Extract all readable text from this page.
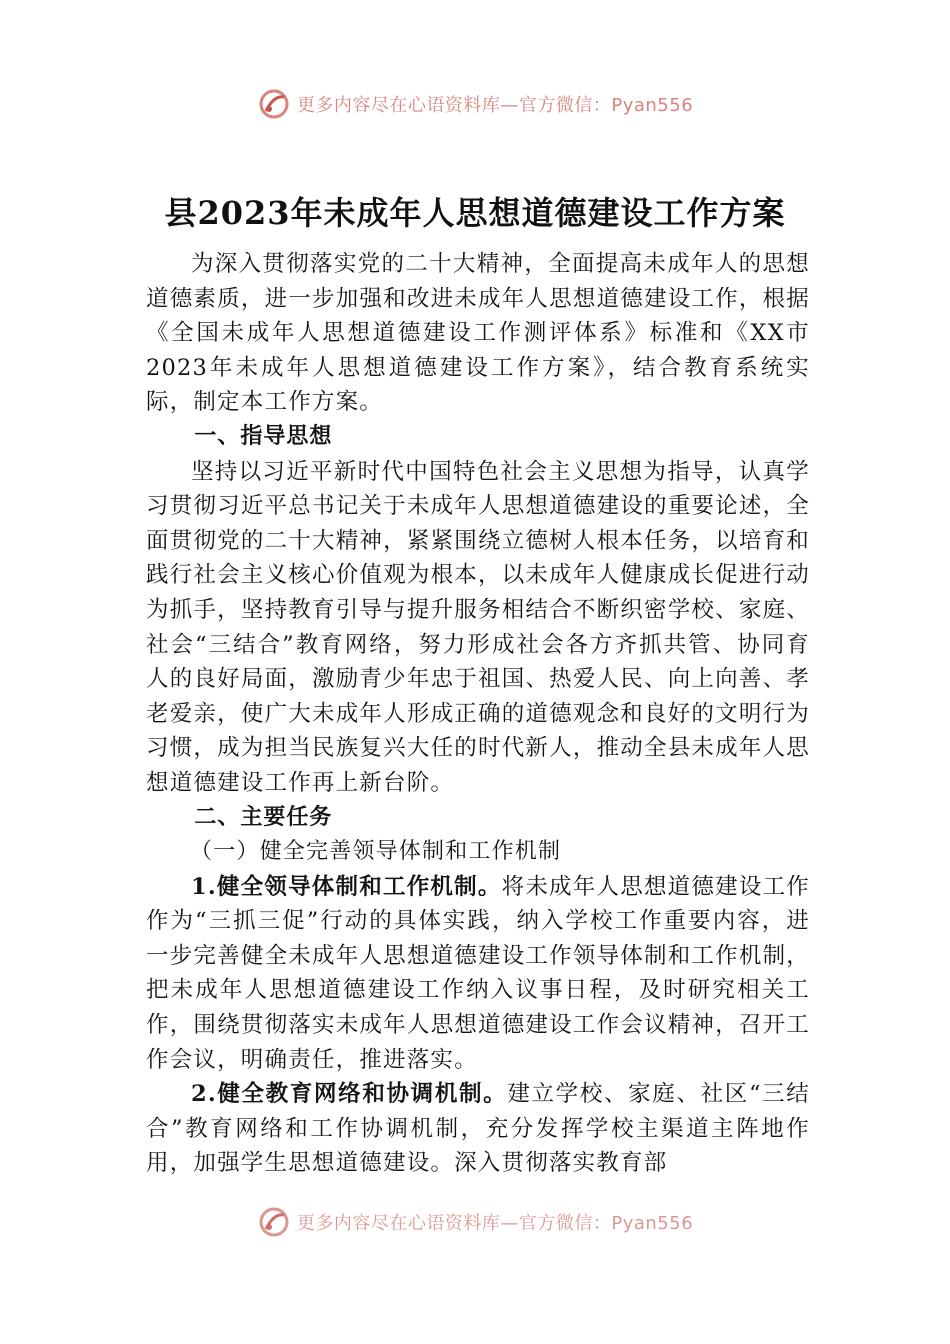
更多内容尽在心语资料库—官方微信：Pyan556
县2023年未成年人思想道德建设工作方案

为深入贯彻落实党的二十大精神，全面提高未成年人的思想道德素质，进一步加强和改进未成年人思想道德建设工作，根据《全国未成年人思想道德建设工作测评体系》标准和《XX市2023年未成年人思想道德建设工作方案》，结合教育系统实际，制定本工作方案。

一、指导思想

坚持以习近平新时代中国特色社会主义思想为指导，认真学习贯彻习近平总书记关于未成年人思想道德建设的重要论述，全面贯彻党的二十大精神，紧紧围绕立德树人根本任务，以培育和践行社会主义核心价值观为根本，以未成年人健康成长促进行动为抓手，坚持教育引导与提升服务相结合不断织密学校、家庭、社会“三结合”教育网络，努力形成社会各方齐抓共管、协同育人的良好局面，激励青少年忠于祖国、热爱人民、向上向善、孝老爱亲，使广大未成年人形成正确的道德观念和良好的文明行为习惯，成为担当民族复兴大任的时代新人，推动全县未成年人思想道德建设工作再上新台阶。

二、主要任务
（一）健全完善领导体制和工作机制

1.健全领导体制和工作机制。将未成年人思想道德建设工作作为“三抓三促”行动的具体实践，纳入学校工作重要内容，进一步完善健全未成年人思想道德建设工作领导体制和工作机制，把未成年人思想道德建设工作纳入议事日程，及时研究相关工作，围绕贯彻落实未成年人思想道德建设工作会议精神，召开工作会议，明确责任，推进落实。

2.健全教育网络和协调机制。建立学校、家庭、社区“三结合”教育网络和工作协调机制，充分发挥学校主渠道主阵地作用，加强学生思想道德建设。深入贯彻落实教育部

更多内容尽在心语资料库—官方微信：Pyan556
